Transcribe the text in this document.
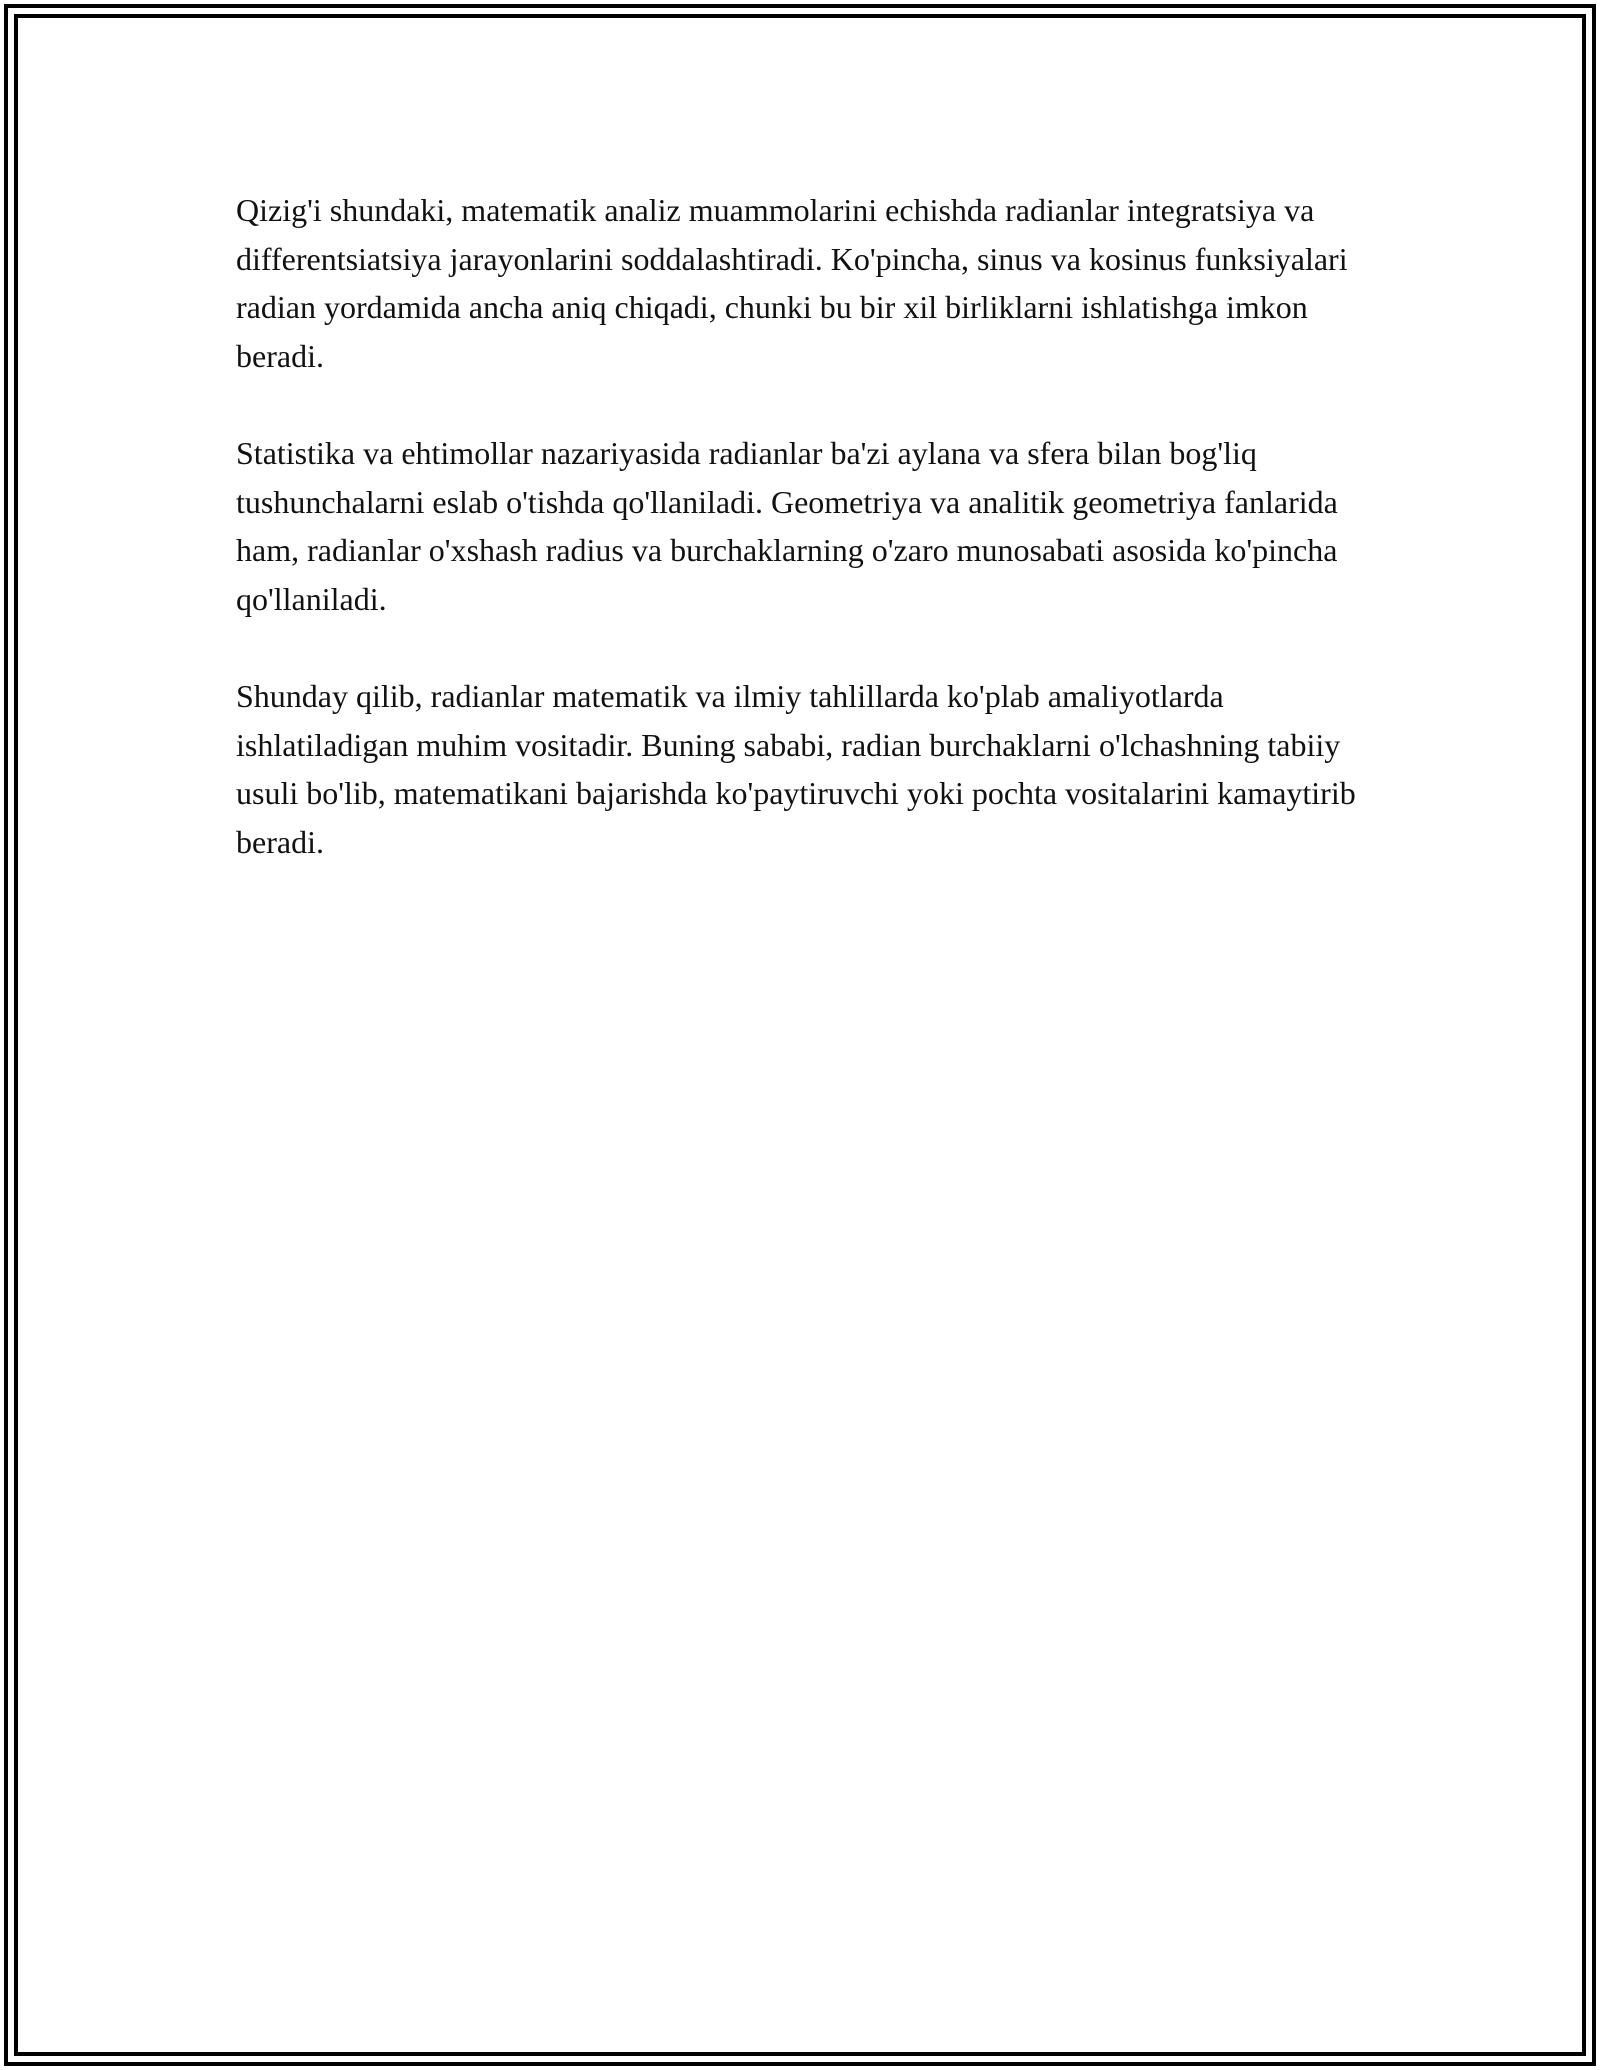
Qizig'i shundaki, matematik analiz muammolarini echishda radianlar integratsiya va differentsiatsiya jarayonlarini soddalashtiradi. Ko'pincha, sinus va kosinus funksiyalari radian yordamida ancha aniq chiqadi, chunki bu bir xil birliklarni ishlatishga imkon beradi.

Statistika va ehtimollar nazariyasida radianlar ba'zi aylana va sfera bilan bog'liq tushunchalarni eslab o'tishda qo'llaniladi. Geometriya va analitik geometriya fanlarida ham, radianlar o'xshash radius va burchaklarning o'zaro munosabati asosida ko'pincha qo'llaniladi.

Shunday qilib, radianlar matematik va ilmiy tahlillarda ko'plab amaliyotlarda ishlatiladigan muhim vositadir. Buning sababi, radian burchaklarni o'lchashning tabiiy usuli bo'lib, matematikani bajarishda ko'paytiruvchi yoki pochta vositalarini kamaytirib beradi.
